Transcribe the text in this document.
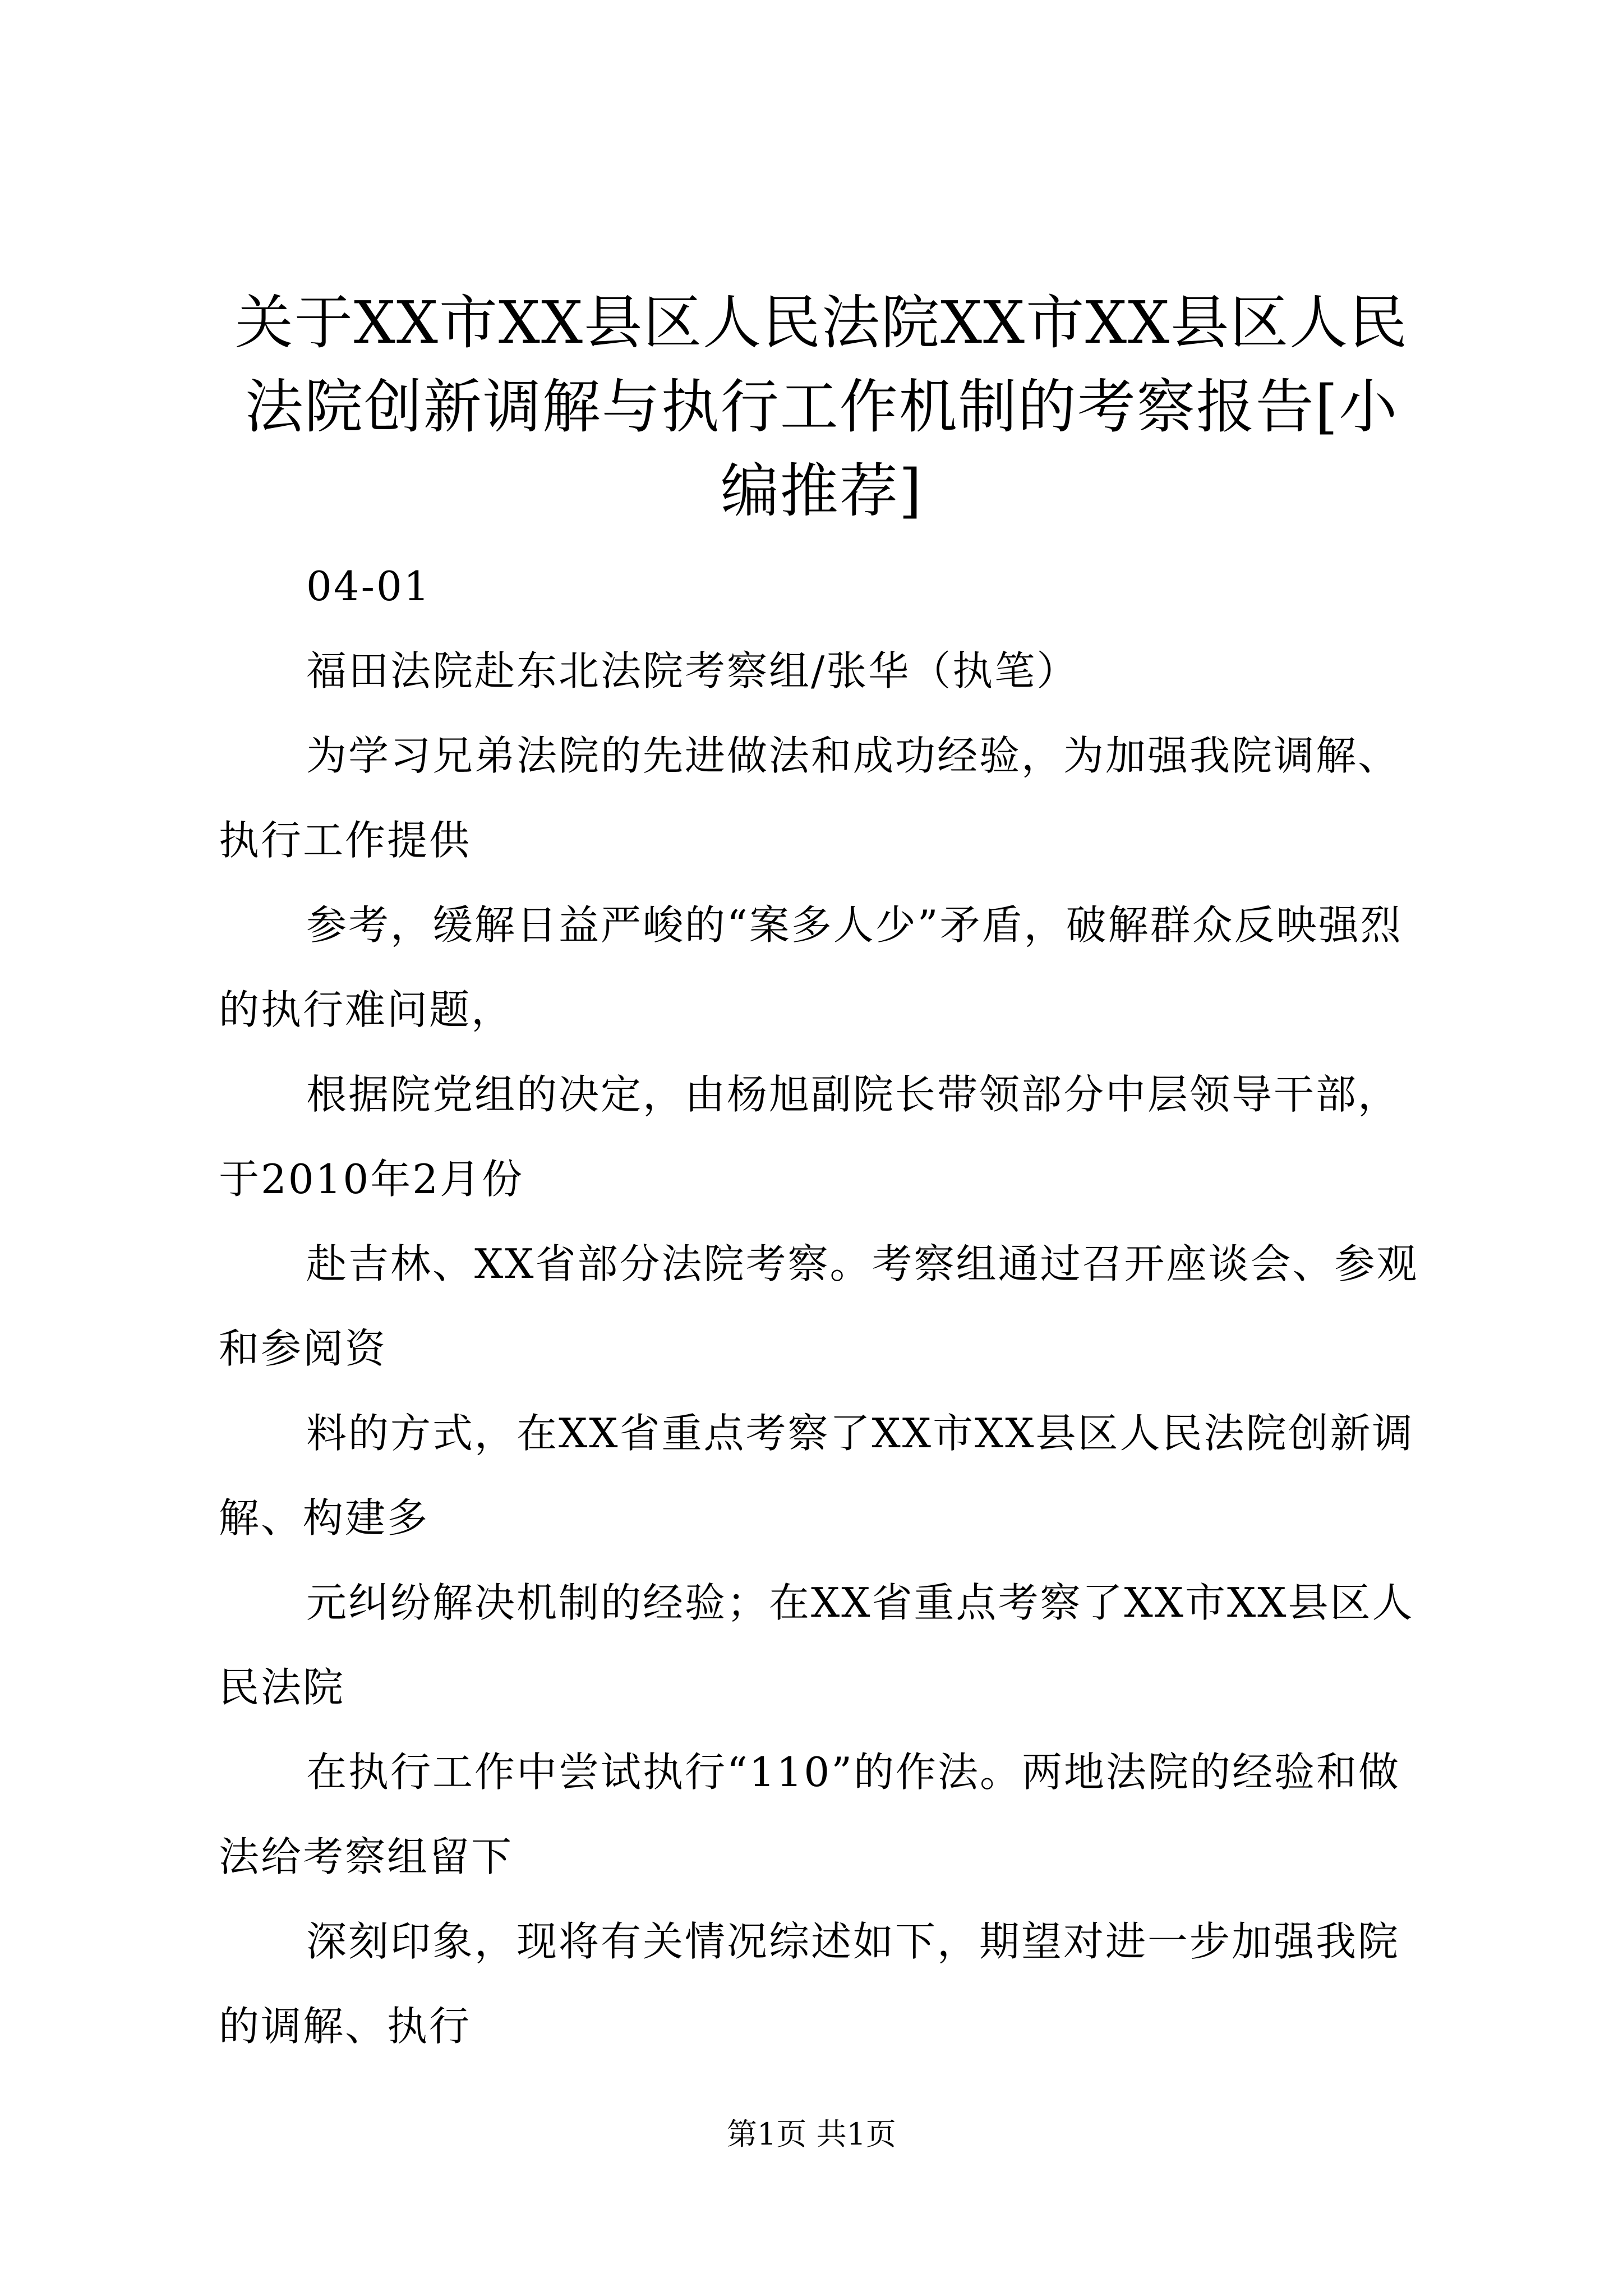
关于XX市XX县区人民法院XX市XX县区人民法院创新调解与执行工作机制的考察报告[小编推荐]

04-01

福田法院赴东北法院考察组/张华（执笔）

为学习兄弟法院的先进做法和成功经验，为加强我院调解、执行工作提供

参考，缓解日益严峻的“案多人少”矛盾，破解群众反映强烈的执行难问题，

根据院党组的决定，由杨旭副院长带领部分中层领导干部，于2010年2月份

赴吉林、XX省部分法院考察。考察组通过召开座谈会、参观和参阅资

料的方式，在XX省重点考察了XX市XX县区人民法院创新调解、构建多

元纠纷解决机制的经验；在XX省重点考察了XX市XX县区人民法院

在执行工作中尝试执行“110”的作法。两地法院的经验和做法给考察组留下

深刻印象，现将有关情况综述如下，期望对进一步加强我院的调解、执行

第1页 共1页
